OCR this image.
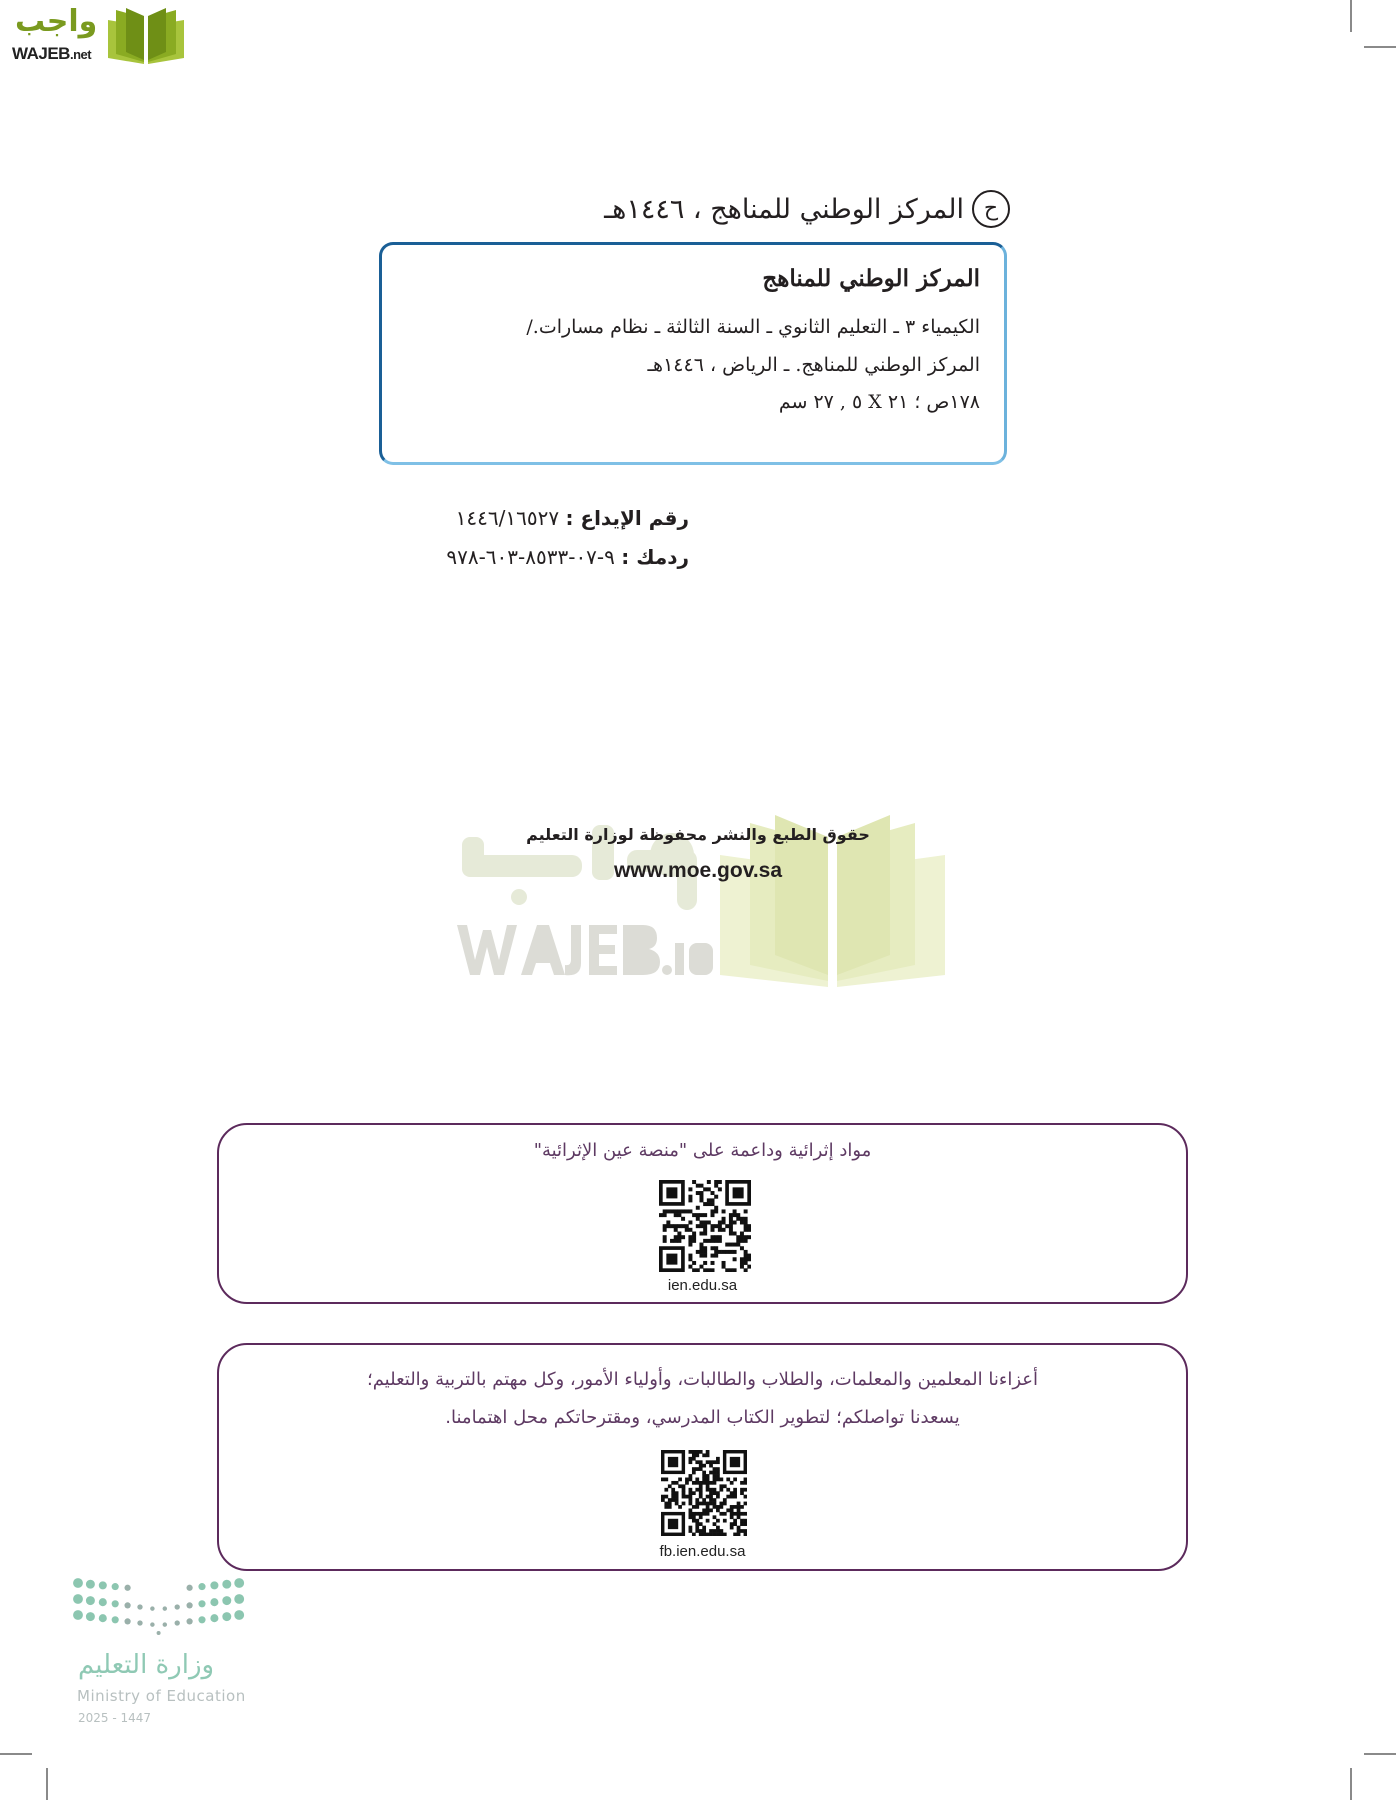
واجب
WAJEB.net
ح
المركز الوطني للمناهج ، ١٤٤٦هـ
المركز الوطني للمناهج
الكيمياء ٣ ـ التعليم الثانوي ـ السنة الثالثة ـ نظام مسارات./
المركز الوطني للمناهج. ـ الرياض ، ١٤٤٦هـ
١٧٨ص ؛ ٢١ X ٥ , ٢٧ سم
رقم الإيداع : ١٤٤٦/١٦٥٢٧
ردمك : ٩-٠٧-٨٥٣٣-٦٠٣-٩٧٨
حقوق الطبع والنشر محفوظة لوزارة التعليم
www.moe.gov.sa
مواد إثرائية وداعمة على "منصة عين الإثرائية"
ien.edu.sa
أعزاءنا المعلمين والمعلمات، والطلاب والطالبات، وأولياء الأمور، وكل مهتم بالتربية والتعليم؛
يسعدنا تواصلكم؛ لتطوير الكتاب المدرسي، ومقترحاتكم محل اهتمامنا.
fb.ien.edu.sa
وزارة التعليم
Ministry of Education
2025 - 1447
